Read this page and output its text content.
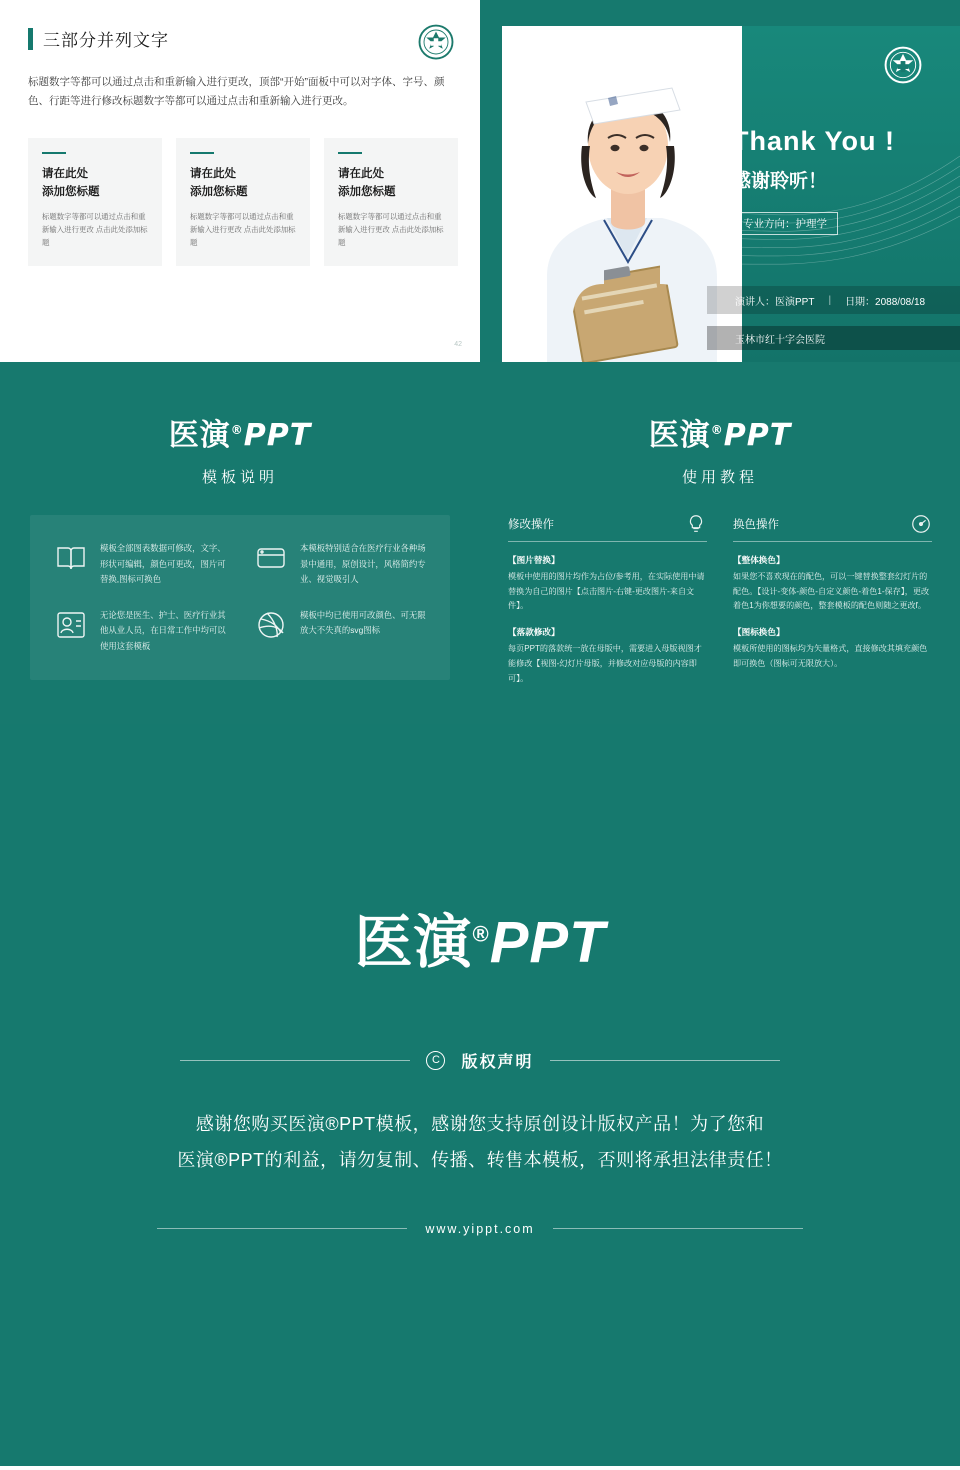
三部分并列文字
标题数字等都可以通过点击和重新输入进行更改，顶部“开始”面板中可以对字体、字号、颜色、行距等进行修改标题数字等都可以通过点击和重新输入进行更改。
请在此处
添加您标题

标题数字等都可以通过点击和重新输入进行更改 点击此处添加标题

请在此处
添加您标题

标题数字等都可以通过点击和重新输入进行更改 点击此处添加标题

请在此处
添加您标题

标题数字等都可以通过点击和重新输入进行更改 点击此处添加标题

42
Thank You !
感谢聆听！
专业方向：护理学
演讲人：医演PPT | 日期：2088/08/18
玉林市红十字会医院
医演®PPT
模板说明

模板全部图表数据可修改，文字、形状可编辑，颜色可更改，图片可替换,图标可换色

本模板特别适合在医疗行业各种场景中通用，原创设计，风格简约专业、视觉吸引人

无论您是医生、护士、医疗行业其他从业人员，在日常工作中均可以使用这套模板

模板中均已使用可改颜色、可无限放大不失真的svg图标

医演®PPT
使用教程
修改操作
【图片替换】

模板中使用的图片均作为占位/参考用，在实际使用中请替换为自己的图片【点击图片-右键-更改图片-来自文件】。

【落款修改】

每页PPT的落款统一放在母版中，需要进入母版视图才能修改【视图-幻灯片母版，并修改对应母版的内容即可】。

换色操作
【整体换色】

如果您不喜欢现在的配色，可以一键替换整套幻灯片的配色。【设计-变体-颜色-自定义颜色-着色1-保存】，更改着色1为你想要的颜色，整套模板的配色则随之更改ľ。

【图标换色】

模板所使用的图标均为矢量格式，直接修改其填充颜色即可换色（图标可无限放大）。

医演®PPT
C	版权声明
感谢您购买医演®PPT模板，感谢您支持原创设计版权产品！为了您和
医演®PPT的利益，请勿复制、传播、转售本模板，否则将承担法律责任！
www.yippt.com
